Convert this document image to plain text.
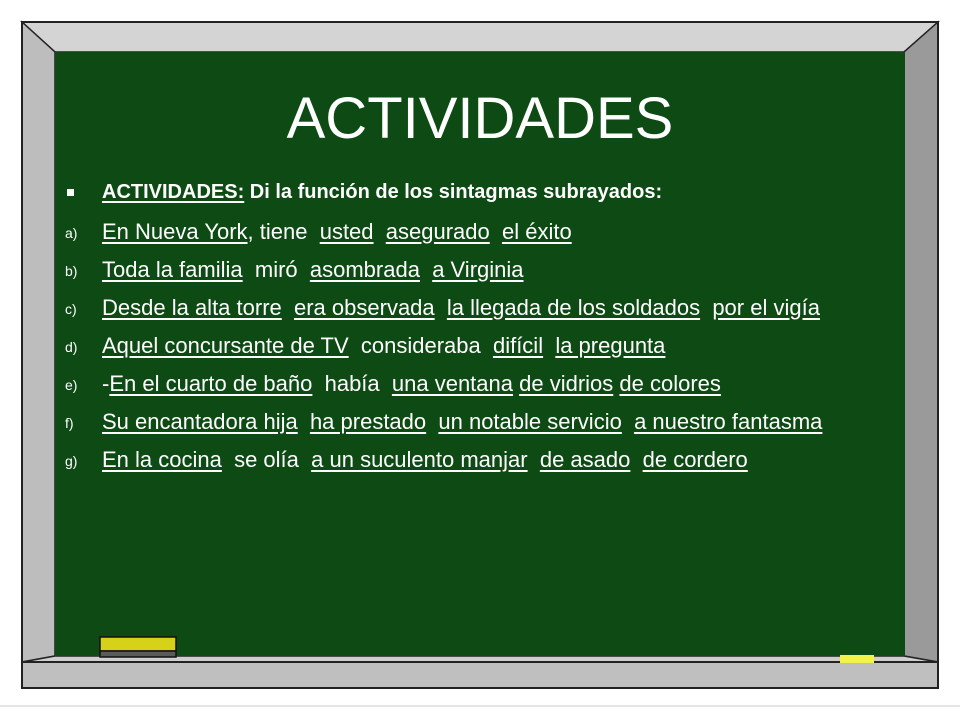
ACTIVIDADES
ACTIVIDADES: Di la función de los sintagmas subrayados:
a) En Nueva York, tiene  usted asegurado el éxito
b) Toda la familia  miró  asombrada a Virginia
c) Desde la alta torre era observada la llegada de los soldados por el vigía
d) Aquel concursante de TV  consideraba  difícil la pregunta
e) -En el cuarto de baño  había  una ventana de vidrios de colores
f) Su encantadora hija ha prestado un notable servicio a nuestro fantasma
g) En la cocina  se olía  a un suculento manjar de asado de cordero
